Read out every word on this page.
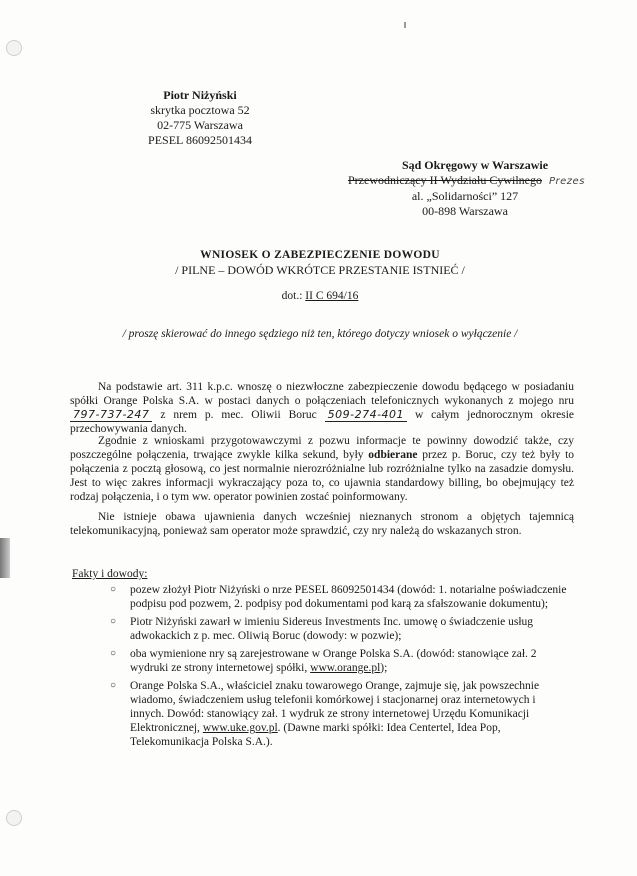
Piotr Niżyński
skrytka pocztowa 52
02-775 Warszawa
PESEL 86092501434
Sąd Okręgowy w Warszawie
Przewodniczący II Wydziału Cywilnego Prezes
al. „Solidarności” 127
00-898 Warszawa
WNIOSEK O ZABEZPIECZENIE DOWODU
/ PILNE – DOWÓD WKRÓTCE PRZESTANIE ISTNIEĆ /
dot.: II C 694/16
/ proszę skierować do innego sędziego niż ten, którego dotyczy wniosek o wyłączenie /
Na podstawie art. 311 k.p.c. wnoszę o niezwłoczne zabezpieczenie dowodu będącego w posiadaniu spółki Orange Polska S.A. w postaci danych o połączeniach telefonicznych wykonanych z mojego nru 797-737-247 z nrem p. mec. Oliwii Boruc 509-274-401 w całym jednorocznym okresie przechowywania danych.
Zgodnie z wnioskami przygotowawczymi z pozwu informacje te powinny dowodzić także, czy poszczególne połączenia, trwające zwykle kilka sekund, były odbierane przez p. Boruc, czy też były to połączenia z pocztą głosową, co jest normalnie nierozróżnialne lub rozróżnialne tylko na zasadzie domysłu. Jest to więc zakres informacji wykraczający poza to, co ujawnia standardowy billing, bo obejmujący też rodzaj połączenia, i o tym ww. operator powinien zostać poinformowany.
Nie istnieje obawa ujawnienia danych wcześniej nieznanych stronom a objętych tajemnicą telekomunikacyjną, ponieważ sam operator może sprawdzić, czy nry należą do wskazanych stron.
Fakty i dowody:
○ pozew złożył Piotr Niżyński o nrze PESEL 86092501434 (dowód: 1. notarialne poświadczenie podpisu pod pozwem, 2. podpisy pod dokumentami pod karą za sfałszowanie dokumentu);
○ Piotr Niżyński zawarł w imieniu Sidereus Investments Inc. umowę o świadczenie usług adwokackich z p. mec. Oliwią Boruc (dowody: w pozwie);
○ oba wymienione nry są zarejestrowane w Orange Polska S.A. (dowód: stanowiące zał. 2 wydruki ze strony internetowej spółki, www.orange.pl);
○ Orange Polska S.A., właściciel znaku towarowego Orange, zajmuje się, jak powszechnie wiadomo, świadczeniem usług telefonii komórkowej i stacjonarnej oraz internetowych i innych. Dowód: stanowiący zał. 1 wydruk ze strony internetowej Urzędu Komunikacji Elektronicznej, www.uke.gov.pl. (Dawne marki spółki: Idea Centertel, Idea Pop, Telekomunikacja Polska S.A.).
